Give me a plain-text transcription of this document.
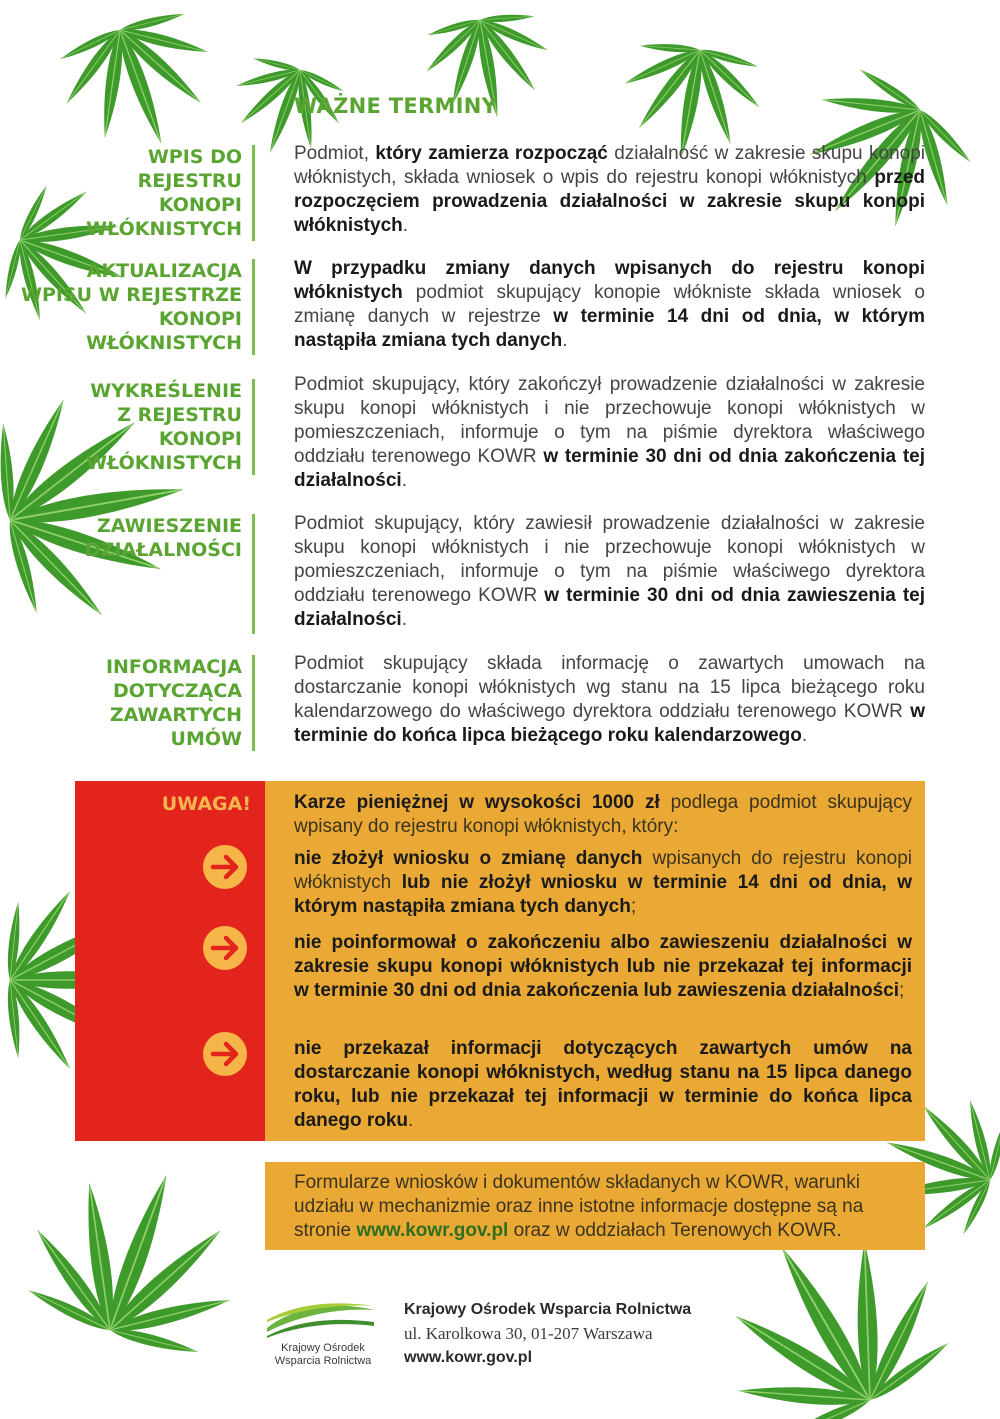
WAŻNE TERMINY
WPIS DO
REJESTRU
KONOPI
WŁÓKNISTYCH
Podmiot, który zamierza rozpocząć działalność w zakresie skupu konopi włóknistych, składa wniosek o wpis do rejestru konopi włóknistych przed rozpoczęciem prowadzenia działalności w zakresie skupu konopi włóknistych.
AKTUALIZACJA
WPISU W REJESTRZE
KONOPI
WŁÓKNISTYCH
W przypadku zmiany danych wpisanych do rejestru konopi włóknistych podmiot skupujący konopie włókniste składa wniosek o zmianę danych w rejestrze w terminie 14 dni od dnia, w którym nastąpiła zmiana tych danych.
WYKREŚLENIE
Z REJESTRU
KONOPI
WŁÓKNISTYCH
Podmiot skupujący, który zakończył prowadzenie działalności w zakresie skupu konopi włóknistych i nie przechowuje konopi włóknistych w pomieszczeniach, informuje o tym na piśmie dyrektora właściwego oddziału terenowego KOWR w terminie 30 dni od dnia zakończenia tej działalności.
ZAWIESZENIE
DZIAŁALNOŚCI
Podmiot skupujący, który zawiesił prowadzenie działalności w zakresie skupu konopi włóknistych i nie przechowuje konopi włóknistych w pomieszczeniach, informuje o tym na piśmie właściwego dyrektora oddziału terenowego KOWR w terminie 30 dni od dnia zawieszenia tej działalności.
INFORMACJA
DOTYCZĄCA
ZAWARTYCH
UMÓW
Podmiot skupujący składa informację o zawartych umowach na dostarczanie konopi włóknistych wg stanu na 15 lipca bieżącego roku kalendarzowego do właściwego dyrektora oddziału terenowego KOWR w terminie do końca lipca bieżącego roku kalendarzowego.
UWAGA! Karze pieniężnej w wysokości 1000 zł podlega podmiot skupujący wpisany do rejestru konopi włóknistych, który:
nie złożył wniosku o zmianę danych wpisanych do rejestru konopi włóknistych lub nie złożył wniosku w terminie 14 dni od dnia, w którym nastąpiła zmiana tych danych;
nie poinformował o zakończeniu albo zawieszeniu działalności w zakresie skupu konopi włóknistych lub nie przekazał tej informacji w terminie 30 dni od dnia zakończenia lub zawieszenia działalności;
nie przekazał informacji dotyczących zawartych umów na dostarczanie konopi włóknistych, według stanu na 15 lipca danego roku, lub nie przekazał tej informacji w terminie do końca lipca danego roku.
Formularze wniosków i dokumentów składanych w KOWR, warunki udziału w mechanizmie oraz inne istotne informacje dostępne są na stronie www.kowr.gov.pl oraz w oddziałach Terenowych KOWR.
Krajowy Ośrodek
Wsparcia Rolnictwa
Krajowy Ośrodek Wsparcia Rolnictwa
ul. Karolkowa 30, 01-207 Warszawa
www.kowr.gov.pl
